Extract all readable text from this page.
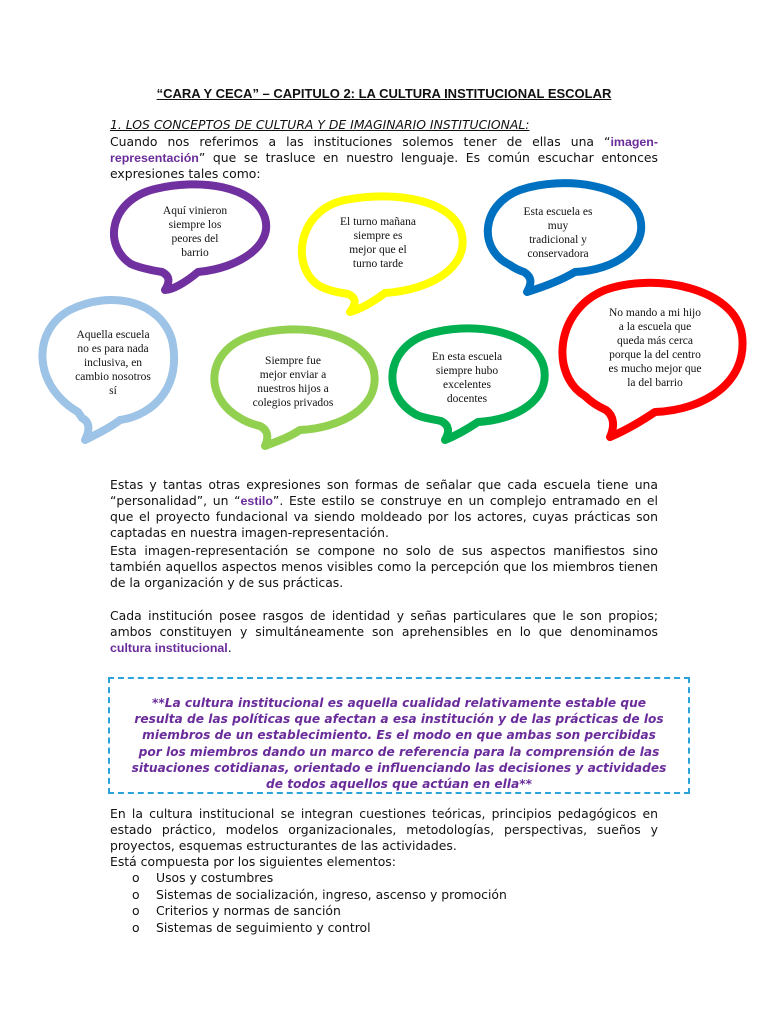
“CARA Y CECA” – CAPITULO 2: LA CULTURA INSTITUCIONAL ESCOLAR
1. LOS CONCEPTOS DE CULTURA Y DE IMAGINARIO INSTITUCIONAL:
Cuando nos referimos a las instituciones solemos tener de ellas una “imagen-representación” que se trasluce en nuestro lenguaje. Es común escuchar entonces expresiones tales como:
Aquí vinieron
siempre los
peores del
barrio
El turno mañana
siempre es
mejor que el
turno tarde
Esta escuela es
muy
tradicional y
conservadora
No mando a mi hijo
a la escuela que
queda más cerca
porque la del centro
es mucho mejor que
la del barrio
Aquella escuela
no es para nada
inclusiva, en
cambio nosotros
sí
Siempre fue
mejor enviar a
nuestros hijos a
colegios privados
En esta escuela
siempre hubo
excelentes
docentes
Estas y tantas otras expresiones son formas de señalar que cada escuela tiene una “personalidad”, un “estilo”. Este estilo se construye en un complejo entramado en el que el proyecto fundacional va siendo moldeado por los actores, cuyas prácticas son captadas en nuestra imagen-representación.
Esta imagen-representación se compone no solo de sus aspectos manifiestos sino también aquellos aspectos menos visibles como la percepción que los miembros tienen de la organización y de sus prácticas.
Cada institución posee rasgos de identidad y señas particulares que le son propios; ambos constituyen y simultáneamente son aprehensibles en lo que denominamos cultura institucional.
**La cultura institucional es aquella cualidad relativamente estable que resulta de las políticas que afectan a esa institución y de las prácticas de los miembros de un establecimiento. Es el modo en que ambas son percibidas por los miembros dando un marco de referencia para la comprensión de las situaciones cotidianas, orientado e influenciando las decisiones y actividades de todos aquellos que actúan en ella**
En la cultura institucional se integran cuestiones teóricas, principios pedagógicos en estado práctico, modelos organizacionales, metodologías, perspectivas, sueños y proyectos, esquemas estructurantes de las actividades.
Está compuesta por los siguientes elementos:
o Usos y costumbres
o Sistemas de socialización, ingreso, ascenso y promoción
o Criterios y normas de sanción
o Sistemas de seguimiento y control
